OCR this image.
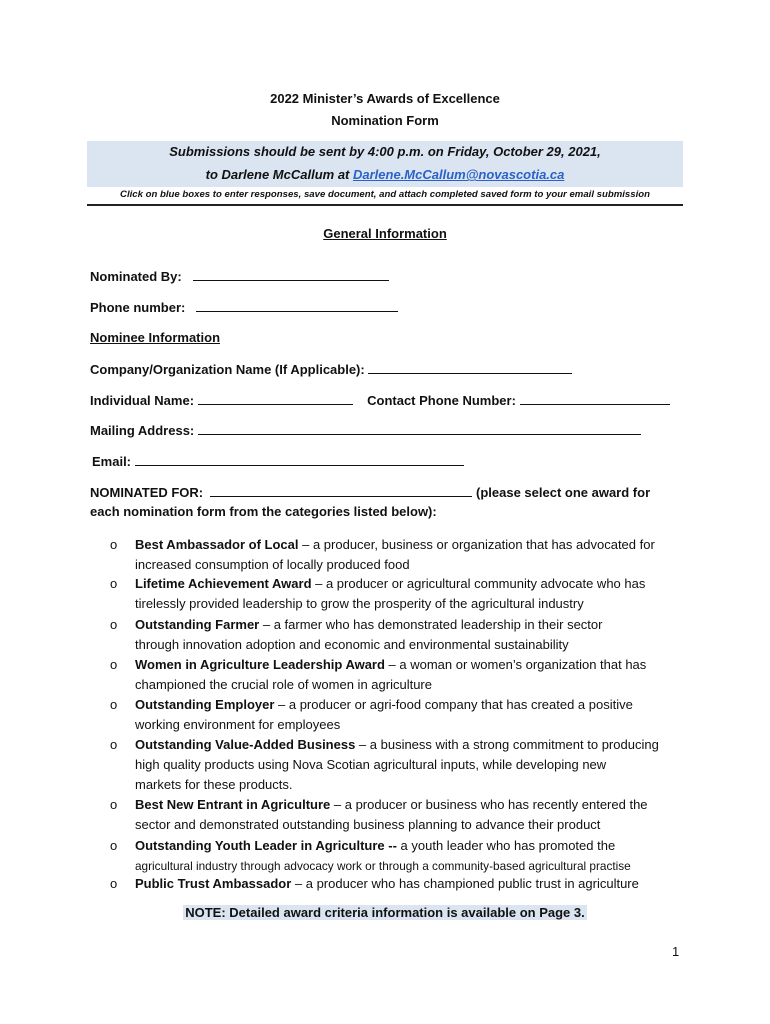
2022 Minister’s Awards of Excellence
Nomination Form
Submissions should be sent by 4:00 p.m. on Friday, October 29, 2021,
to Darlene McCallum at Darlene.McCallum@novascotia.ca
Click on blue boxes to enter responses, save document, and attach completed saved form to your email submission
General Information
Nominated By:
Phone number:
Nominee Information
Company/Organization Name (If Applicable):
Individual Name:	Contact Phone Number:
Mailing Address:
Email:
NOMINATED FOR:	(please select one award for
each nomination form from the categories listed below):
o Best Ambassador of Local – a producer, business or organization that has advocated for
increased consumption of locally produced food
o Lifetime Achievement Award – a producer or agricultural community advocate who has
tirelessly provided leadership to grow the prosperity of the agricultural industry
o Outstanding Farmer – a farmer who has demonstrated leadership in their sector
through innovation adoption and economic and environmental sustainability
o Women in Agriculture Leadership Award – a woman or women’s organization that has
championed the crucial role of women in agriculture
o Outstanding Employer – a producer or agri-food company that has created a positive
working environment for employees
o Outstanding Value-Added Business – a business with a strong commitment to producing
high quality products using Nova Scotian agricultural inputs, while developing new
markets for these products.
o Best New Entrant in Agriculture – a producer or business who has recently entered the
sector and demonstrated outstanding business planning to advance their product
o Outstanding Youth Leader in Agriculture -- a youth leader who has promoted the
agricultural industry through advocacy work or through a community-based agricultural practise
o Public Trust Ambassador – a producer who has championed public trust in agriculture
NOTE: Detailed award criteria information is available on Page 3.
1
